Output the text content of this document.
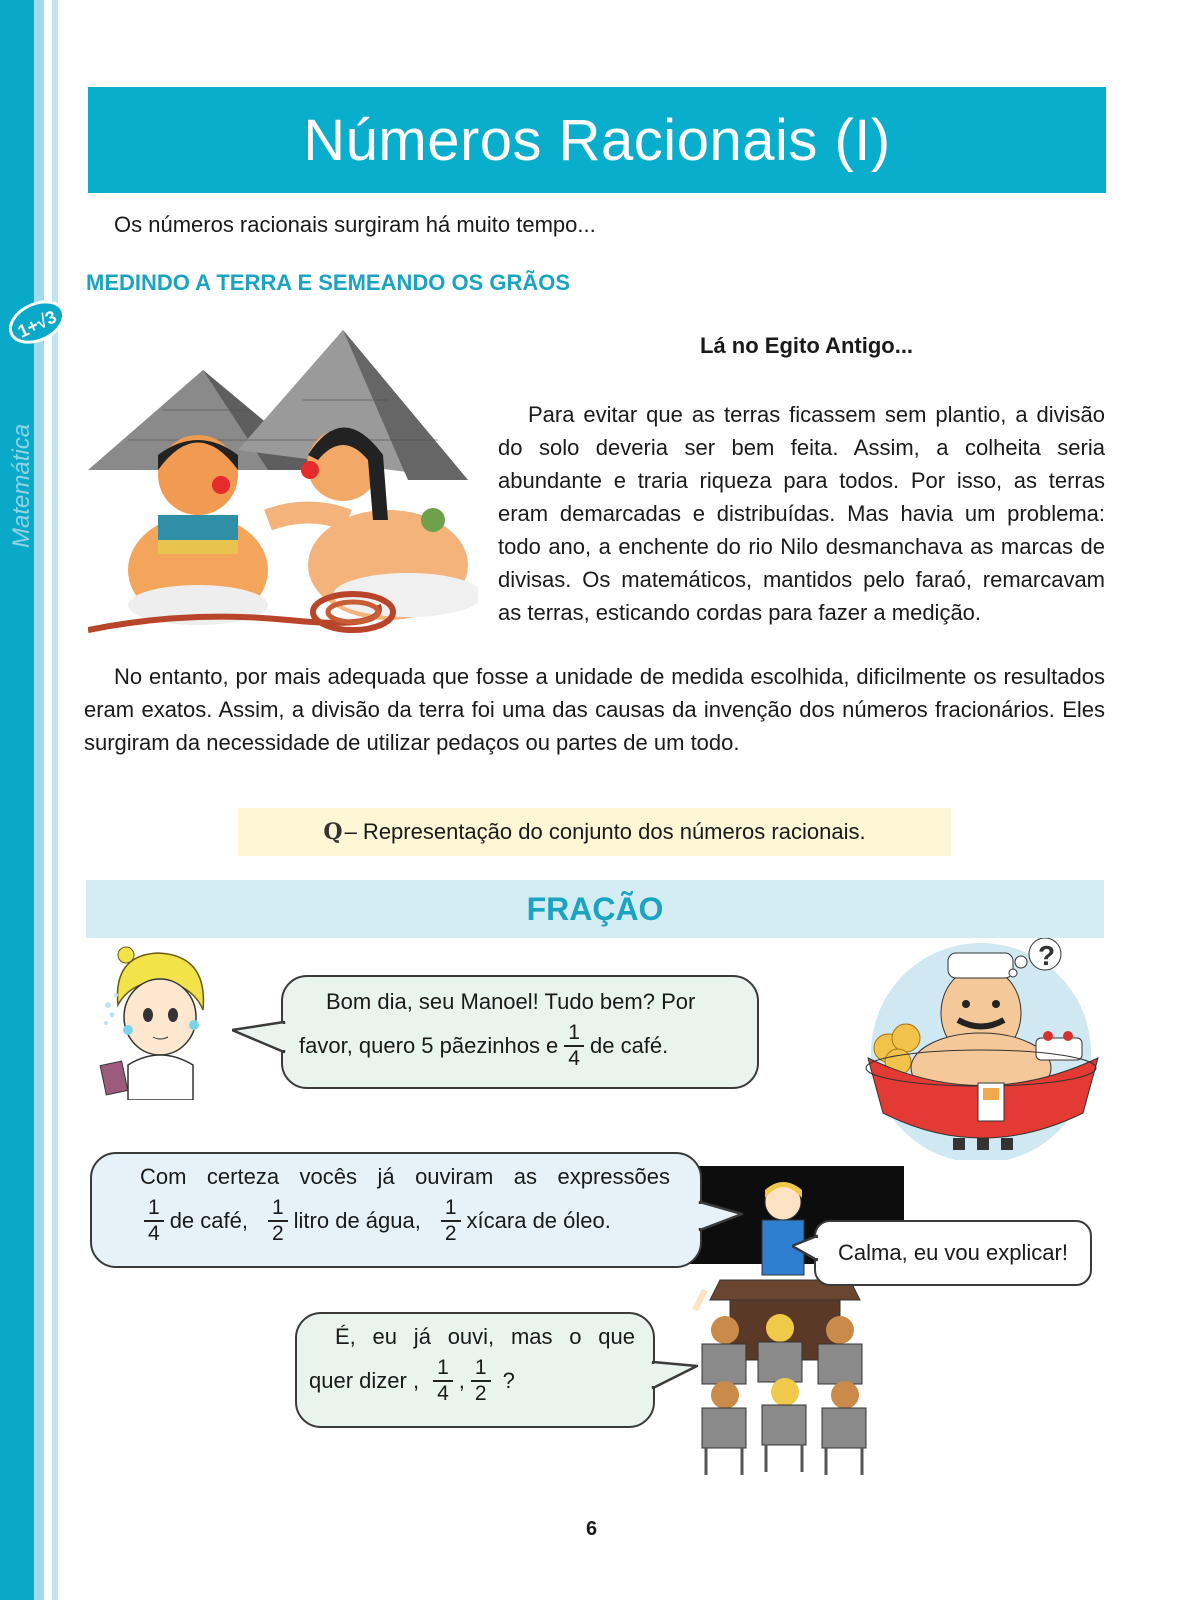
Matemática
1+√3
Números Racionais (I)
Os números racionais surgiram há muito tempo...
MEDINDO A TERRA E SEMEANDO OS GRÃOS
Lá no Egito Antigo...

Para evitar que as terras ficassem sem plantio, a divisão do solo deveria ser bem feita. Assim, a colheita seria abundante e traria riqueza para todos. Por isso, as terras eram demarcadas e distribuídas. Mas havia um problema: todo ano, a enchente do rio Nilo desmanchava as marcas de divisas. Os matemáticos, mantidos pelo faraó, remarcavam as terras, esticando cordas para fazer a medição.

No entanto, por mais adequada que fosse a unidade de medida escolhida, dificilmente os resultados eram exatos. Assim, a divisão da terra foi uma das causas da invenção dos números fracionários. Eles surgiram da necessidade de utilizar pedaços ou partes de um todo.

Q – Representação do conjunto dos números racionais.
FRAÇÃO
Bom dia, seu Manoel! Tudo bem? Por
favor, quero 5 pãezinhos e $\frac{1}{4}$ de café.
?
Com certeza vocês já ouviram as expressões
$\frac{1}{4}$ de café, $\frac{1}{2}$ litro de água, $\frac{1}{2}$ xícara de óleo.
Calma, eu vou explicar!
É, eu já ouvi, mas o que
quer dizer , $\frac{1}{4}$ , $\frac{1}{2}$ ?
6
